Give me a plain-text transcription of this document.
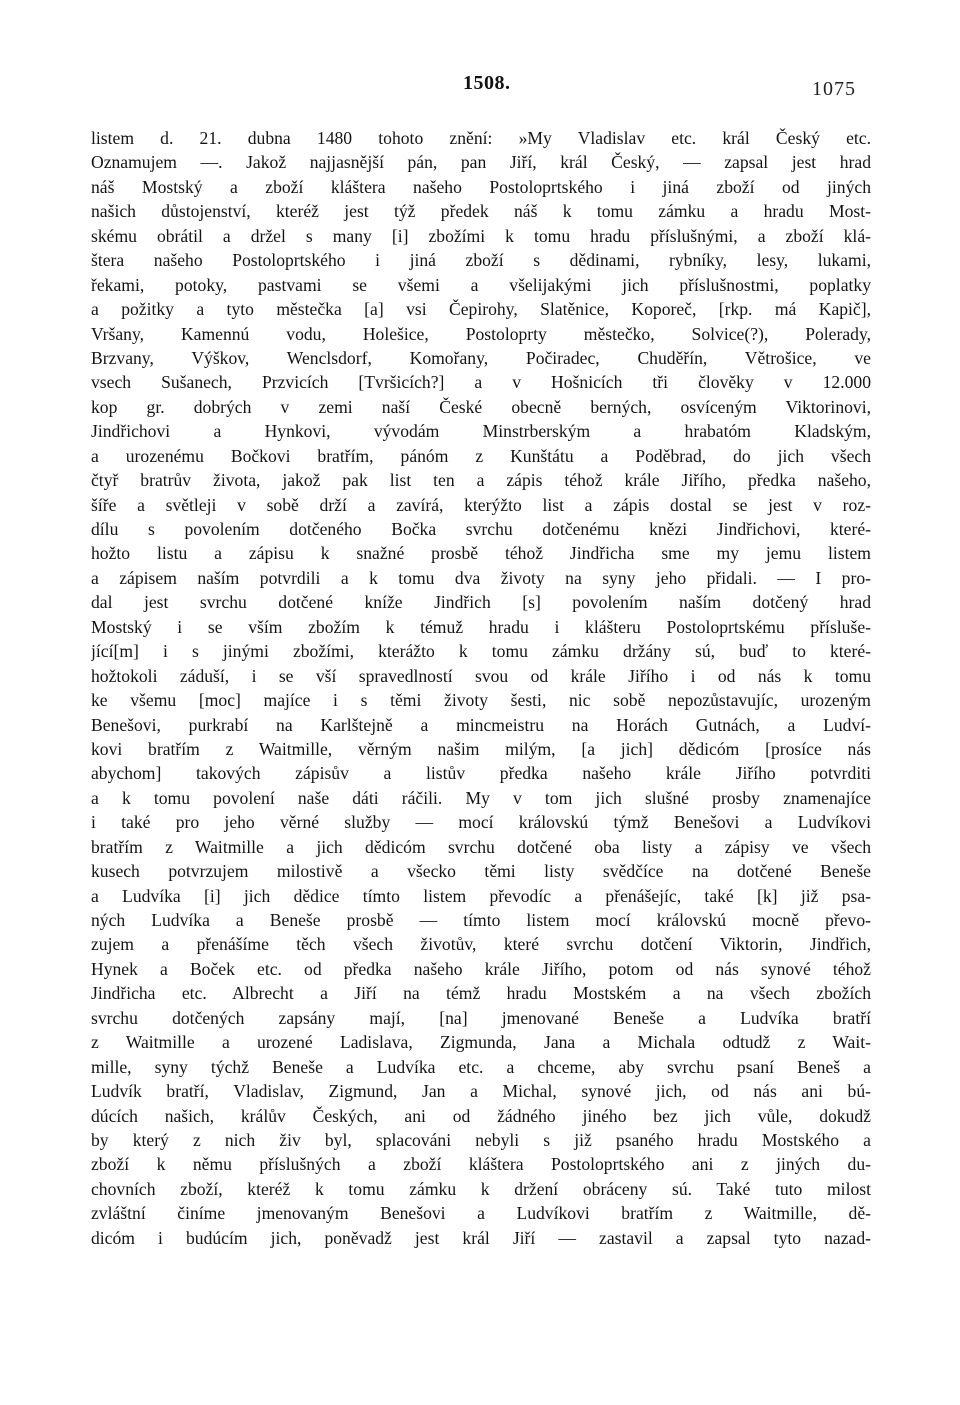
1508.	1075
listem d. 21. dubna 1480 tohoto znění: »My Vladislav etc. král Český etc.
Oznamujem —. Jakož najjasnější pán, pan Jiří, král Český, — zapsal jest hrad
náš Mostský a zboží kláštera našeho Postoloprtského i jiná zboží od jiných
našich důstojenství, kteréž jest týž předek náš k tomu zámku a hradu Most-
skému obrátil a držel s many [i] zbožími k tomu hradu příslušnými, a zboží klá-
štera našeho Postoloprtského i jiná zboží s dědinami, rybníky, lesy, lukami,
řekami, potoky, pastvami se všemi a všelijakými jich příslušnostmi, poplatky
a požitky a tyto městečka [a] vsi Čepirohy, Slatěnice, Koporeč, [rkp. má Kapič],
Vršany, Kamennú vodu, Holešice, Postoloprty městečko, Solvice(?), Polerady,
Brzvany, Výškov, Wenclsdorf, Komořany, Počiradec, Chuděřín, Větrošice, ve
vsech Sušanech, Przvicích [Tvršicích?] a v Hošnicích tři člověky v 12.000
kop gr. dobrých v zemi naší České obecně berných, osvíceným Viktorinovi,
Jindřichovi a Hynkovi, vývodám Minstrberským a hrabatóm Kladským,
a urozenému Bočkovi bratřím, pánóm z Kunštátu a Poděbrad, do jich všech
čtyř bratrův života, jakož pak list ten a zápis téhož krále Jiřího, předka našeho,
šíře a světleji v sobě drží a zavírá, kterýžto list a zápis dostal se jest v roz-
dílu s povolením dotčeného Bočka svrchu dotčenému knězi Jindřichovi, které-
hožto listu a zápisu k snažné prosbě téhož Jindřicha sme my jemu listem
a zápisem naším potvrdili a k tomu dva životy na syny jeho přidali. — I pro-
dal jest svrchu dotčené kníže Jindřich [s] povolením naším dotčený hrad
Mostský i se vším zbožím k témuž hradu i klášteru Postoloprtskému přísluše-
jící[m] i s jinými zbožími, kterážto k tomu zámku držány sú, buď to které-
hožtokoli záduší, i se vší spravedlností svou od krále Jiřího i od nás k tomu
ke všemu [moc] majíce i s těmi životy šesti, nic sobě nepozůstavujíc, urozeným
Benešovi, purkrabí na Karlštejně a mincmeistru na Horách Gutnách, a Ludví-
kovi bratřím z Waitmille, věrným našim milým, [a jich] dědicóm [prosíce nás
abychom] takových zápisův a listův předka našeho krále Jiřího potvrditi
a k tomu povolení naše dáti ráčili. My v tom jich slušné prosby znamenajíce
i také pro jeho věrné služby — mocí královskú týmž Benešovi a Ludvíkovi
bratřím z Waitmille a jich dědicóm svrchu dotčené oba listy a zápisy ve všech
kusech potvrzujem milostivě a všecko těmi listy svědčíce na dotčené Beneše
a Ludvíka [i] jich dědice tímto listem převodíc a přenášejíc, také [k] již psa-
ných Ludvíka a Beneše prosbě — tímto listem mocí královskú mocně převo-
zujem a přenášíme těch všech životův, které svrchu dotčení Viktorin, Jindřich,
Hynek a Boček etc. od předka našeho krále Jiřího, potom od nás synové téhož
Jindřicha etc. Albrecht a Jiří na témž hradu Mostském a na všech zbožích
svrchu dotčených zapsány mají, [na] jmenované Beneše a Ludvíka bratří
z Waitmille a urozené Ladislava, Zigmunda, Jana a Michala odtudž z Wait-
mille, syny týchž Beneše a Ludvíka etc. a chceme, aby svrchu psaní Beneš a
Ludvík bratří, Vladislav, Zigmund, Jan a Michal, synové jich, od nás ani bú-
dúcích našich, králův Českých, ani od žádného jiného bez jich vůle, dokudž
by který z nich živ byl, splacováni nebyli s již psaného hradu Mostského a
zboží k němu příslušných a zboží kláštera Postoloprtského ani z jiných du-
chovních zboží, kteréž k tomu zámku k držení obráceny sú. Také tuto milost
zvláštní činíme jmenovaným Benešovi a Ludvíkovi bratřím z Waitmille, dě-
dicóm i budúcím jich, poněvadž jest král Jiří — zastavil a zapsal tyto nazad-
